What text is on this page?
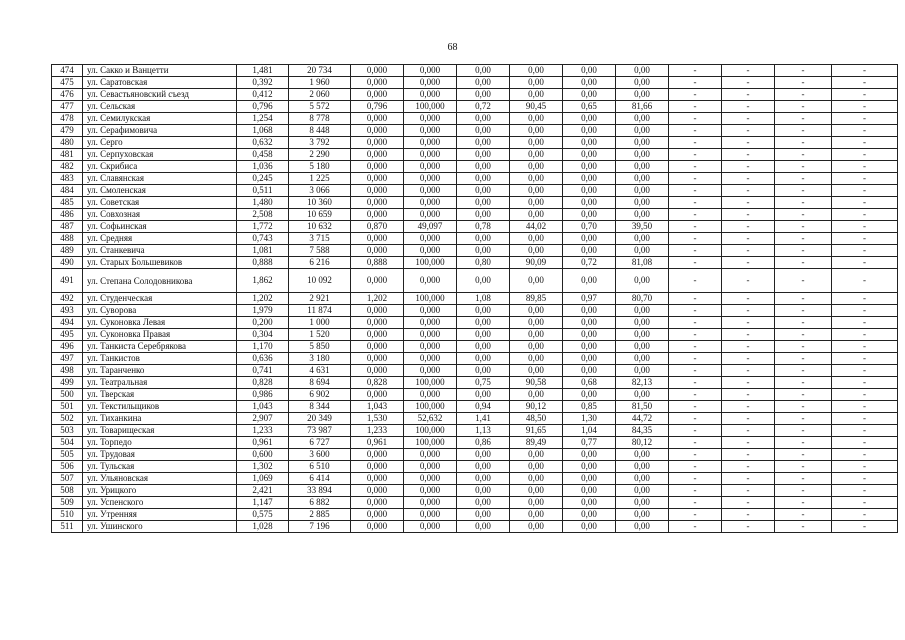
68
474	ул. Сакко и Ванцетти	1,481	20 734	0,000	0,000	0,00	0,00	0,00	0,00	-	-	-	-
475	ул. Саратовская	0,392	1 960	0,000	0,000	0,00	0,00	0,00	0,00	-	-	-	-
476	ул. Севастьяновский съезд	0,412	2 060	0,000	0,000	0,00	0,00	0,00	0,00	-	-	-	-
477	ул. Сельская	0,796	5 572	0,796	100,000	0,72	90,45	0,65	81,66	-	-	-	-
478	ул. Семилукская	1,254	8 778	0,000	0,000	0,00	0,00	0,00	0,00	-	-	-	-
479	ул. Серафимовича	1,068	8 448	0,000	0,000	0,00	0,00	0,00	0,00	-	-	-	-
480	ул. Серго	0,632	3 792	0,000	0,000	0,00	0,00	0,00	0,00	-	-	-	-
481	ул. Серпуховская	0,458	2 290	0,000	0,000	0,00	0,00	0,00	0,00	-	-	-	-
482	ул. Скрибиса	1,036	5 180	0,000	0,000	0,00	0,00	0,00	0,00	-	-	-	-
483	ул. Славянская	0,245	1 225	0,000	0,000	0,00	0,00	0,00	0,00	-	-	-	-
484	ул. Смоленская	0,511	3 066	0,000	0,000	0,00	0,00	0,00	0,00	-	-	-	-
485	ул. Советская	1,480	10 360	0,000	0,000	0,00	0,00	0,00	0,00	-	-	-	-
486	ул. Совхозная	2,508	10 659	0,000	0,000	0,00	0,00	0,00	0,00	-	-	-	-
487	ул. Софьинская	1,772	10 632	0,870	49,097	0,78	44,02	0,70	39,50	-	-	-	-
488	ул. Средняя	0,743	3 715	0,000	0,000	0,00	0,00	0,00	0,00	-	-	-	-
489	ул. Станкевича	1,081	7 588	0,000	0,000	0,00	0,00	0,00	0,00	-	-	-	-
490	ул. Старых Большевиков	0,888	6 216	0,888	100,000	0,80	90,09	0,72	81,08	-	-	-	-
491	ул. Степана Солодовникова	1,862	10 092	0,000	0,000	0,00	0,00	0,00	0,00	-	-	-	-
492	ул. Студенческая	1,202	2 921	1,202	100,000	1,08	89,85	0,97	80,70	-	-	-	-
493	ул. Суворова	1,979	11 874	0,000	0,000	0,00	0,00	0,00	0,00	-	-	-	-
494	ул. Суконовка Левая	0,200	1 000	0,000	0,000	0,00	0,00	0,00	0,00	-	-	-	-
495	ул. Суконовка Правая	0,304	1 520	0,000	0,000	0,00	0,00	0,00	0,00	-	-	-	-
496	ул. Танкиста Серебрякова	1,170	5 850	0,000	0,000	0,00	0,00	0,00	0,00	-	-	-	-
497	ул. Танкистов	0,636	3 180	0,000	0,000	0,00	0,00	0,00	0,00	-	-	-	-
498	ул. Таранченко	0,741	4 631	0,000	0,000	0,00	0,00	0,00	0,00	-	-	-	-
499	ул. Театральная	0,828	8 694	0,828	100,000	0,75	90,58	0,68	82,13	-	-	-	-
500	ул. Тверская	0,986	6 902	0,000	0,000	0,00	0,00	0,00	0,00	-	-	-	-
501	ул. Текстильщиков	1,043	8 344	1,043	100,000	0,94	90,12	0,85	81,50	-	-	-	-
502	ул. Тиханкина	2,907	20 349	1,530	52,632	1,41	48,50	1,30	44,72	-	-	-	-
503	ул. Товарищеская	1,233	73 987	1,233	100,000	1,13	91,65	1,04	84,35	-	-	-	-
504	ул. Торпедо	0,961	6 727	0,961	100,000	0,86	89,49	0,77	80,12	-	-	-	-
505	ул. Трудовая	0,600	3 600	0,000	0,000	0,00	0,00	0,00	0,00	-	-	-	-
506	ул. Тульская	1,302	6 510	0,000	0,000	0,00	0,00	0,00	0,00	-	-	-	-
507	ул. Ульяновская	1,069	6 414	0,000	0,000	0,00	0,00	0,00	0,00	-	-	-	-
508	ул. Урицкого	2,421	33 894	0,000	0,000	0,00	0,00	0,00	0,00	-	-	-	-
509	ул. Успенского	1,147	6 882	0,000	0,000	0,00	0,00	0,00	0,00	-	-	-	-
510	ул. Утренняя	0,575	2 885	0,000	0,000	0,00	0,00	0,00	0,00	-	-	-	-
511	ул. Ушинского	1,028	7 196	0,000	0,000	0,00	0,00	0,00	0,00	-	-	-	-
